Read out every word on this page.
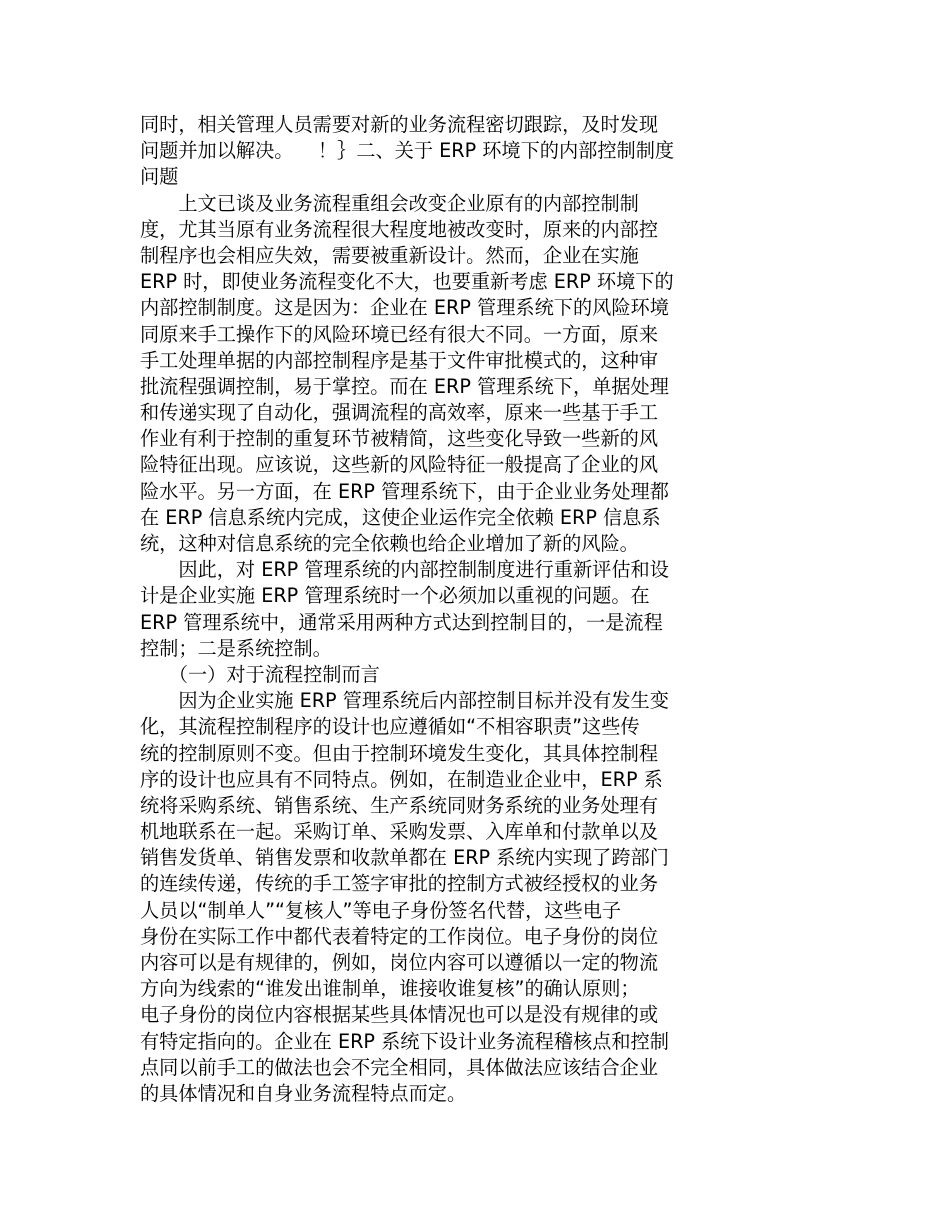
同时，相关管理人员需要对新的业务流程密切跟踪，及时发现
问题并加以解决。    ！｝二、关于 ERP 环境下的内部控制制度
问题
　　上文已谈及业务流程重组会改变企业原有的内部控制制
度，尤其当原有业务流程很大程度地被改变时，原来的内部控
制程序也会相应失效，需要被重新设计。然而，企业在实施
ERP 时，即使业务流程变化不大，也要重新考虑 ERP 环境下的
内部控制制度。这是因为：企业在 ERP 管理系统下的风险环境
同原来手工操作下的风险环境已经有很大不同。一方面，原来
手工处理单据的内部控制程序是基于文件审批模式的，这种审
批流程强调控制，易于掌控。而在 ERP 管理系统下，单据处理
和传递实现了自动化，强调流程的高效率，原来一些基于手工
作业有利于控制的重复环节被精简，这些变化导致一些新的风
险特征出现。应该说，这些新的风险特征一般提高了企业的风
险水平。另一方面，在 ERP 管理系统下，由于企业业务处理都
在 ERP 信息系统内完成，这使企业运作完全依赖 ERP 信息系
统，这种对信息系统的完全依赖也给企业增加了新的风险。
　　因此，对 ERP 管理系统的内部控制制度进行重新评估和设
计是企业实施 ERP 管理系统时一个必须加以重视的问题。在
ERP 管理系统中，通常采用两种方式达到控制目的，一是流程
控制；二是系统控制。
　　（一）对于流程控制而言
　　因为企业实施 ERP 管理系统后内部控制目标并没有发生变
化，其流程控制程序的设计也应遵循如“不相容职责”这些传
统的控制原则不变。但由于控制环境发生变化，其具体控制程
序的设计也应具有不同特点。例如，在制造业企业中，ERP 系
统将采购系统、销售系统、生产系统同财务系统的业务处理有
机地联系在一起。采购订单、采购发票、入库单和付款单以及
销售发货单、销售发票和收款单都在 ERP 系统内实现了跨部门
的连续传递，传统的手工签字审批的控制方式被经授权的业务
人员以“制单人”“复核人”等电子身份签名代替，这些电子
身份在实际工作中都代表着特定的工作岗位。电子身份的岗位
内容可以是有规律的，例如，岗位内容可以遵循以一定的物流
方向为线索的“谁发出谁制单，谁接收谁复核”的确认原则；
电子身份的岗位内容根据某些具体情况也可以是没有规律的或
有特定指向的。企业在 ERP 系统下设计业务流程稽核点和控制
点同以前手工的做法也会不完全相同，具体做法应该结合企业
的具体情况和自身业务流程特点而定。
